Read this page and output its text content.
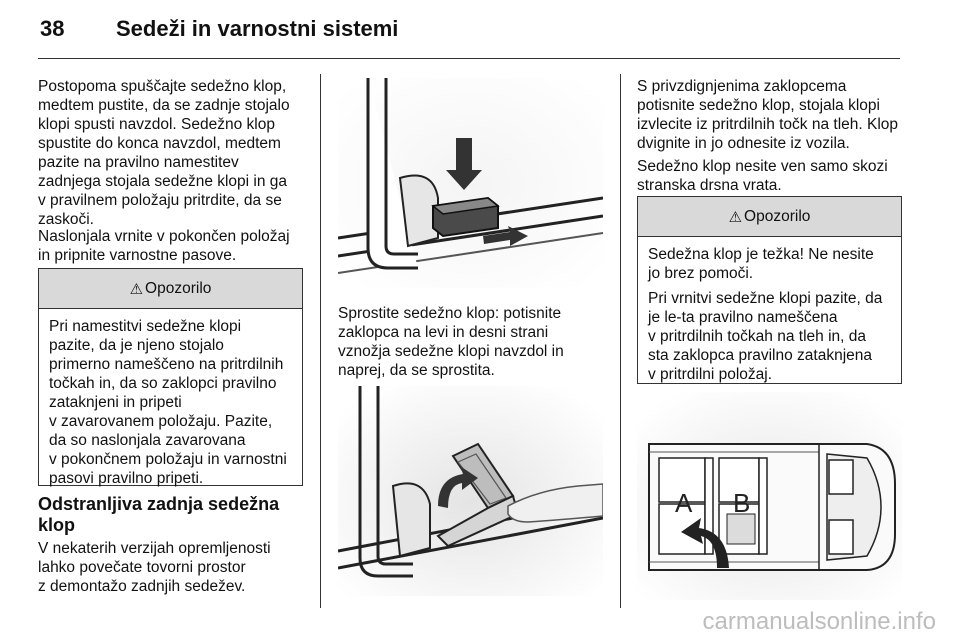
38 Sedeži in varnostni sistemi
Postopoma spuščajte sedežno klop,
medtem pustite, da se zadnje stojalo
klopi spusti navzdol. Sedežno klop
spustite do konca navzdol, medtem
pazite na pravilno namestitev
zadnjega stojala sedežne klopi in ga
v pravilnem položaju pritrdite, da se
zaskoči.
Naslonjala vrnite v pokončen položaj
in pripnite varnostne pasove.
⚠ Opozorilo
Pri namestitvi sedežne klopi
pazite, da je njeno stojalo
primerno nameščeno na pritrdilnih
točkah in, da so zaklopci pravilno
zataknjeni in pripeti
v zavarovanem položaju. Pazite,
da so naslonjala zavarovana
v pokončnem položaju in varnostni
pasovi pravilno pripeti.
Odstranljiva zadnja sedežna
klop
V nekaterih verzijah opremljenosti
lahko povečate tovorni prostor
z demontažo zadnjih sedežev.
Sprostite sedežno klop: potisnite
zaklopca na levi in desni strani
vznožja sedežne klopi navzdol in
naprej, da se sprostita.
S privzdignjenima zaklopcema
potisnite sedežno klop, stojala klopi
izvlecite iz pritrdilnih točk na tleh. Klop
dvignite in jo odnesite iz vozila.
Sedežno klop nesite ven samo skozi
stranska drsna vrata.
⚠ Opozorilo
Sedežna klop je težka! Ne nesite
jo brez pomoči.
Pri vrnitvi sedežne klopi pazite, da
je le-ta pravilno nameščena
v pritrdilnih točkah na tleh in, da
sta zaklopca pravilno zataknjena
v pritrdilni položaj.
A B
carmanualsonline.info
